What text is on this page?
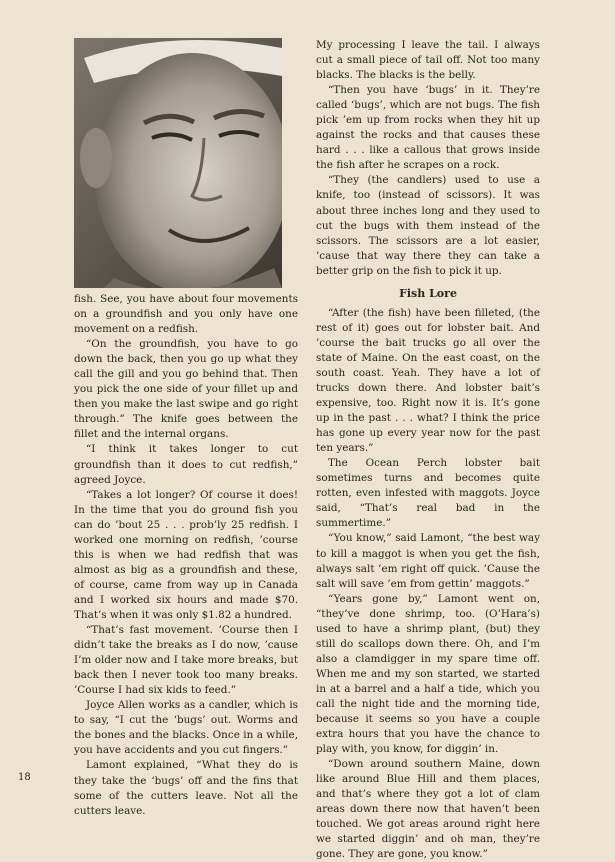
fish. See, you have about four movements on a groundfish and you only have one movement on a redfish.

“On the groundfish, you have to go down the back, then you go up what they call the gill and you go behind that. Then you pick the one side of your fillet up and then you make the last swipe and go right through.” The knife goes between the fillet and the internal organs.

“I think it takes longer to cut groundfish than it does to cut redfish,” agreed Joyce.

“Takes a lot longer? Of course it does! In the time that you do ground fish you can do ’bout 25 . . . prob’ly 25 redfish. I worked one morning on redfish, ’course this is when we had redfish that was almost as big as a groundfish and these, of course, came from way up in Canada and I worked six hours and made $70. That’s when it was only $1.82 a hundred.

“That’s fast movement. ’Course then I didn’t take the breaks as I do now, ’cause I’m older now and I take more breaks, but back then I never took too many breaks. ’Course I had six kids to feed.”

Joyce Allen works as a candler, which is to say, “I cut the ‘bugs’ out. Worms and the bones and the blacks. Once in a while, you have accidents and you cut fingers.”

Lamont explained, “What they do is they take the ‘bugs’ off and the fins that some of the cutters leave. Not all the cutters leave.

My processing I leave the tail. I always cut a small piece of tail off. Not too many blacks. The blacks is the belly.

“Then you have ‘bugs’ in it. They’re called ‘bugs’, which are not bugs. The fish pick ’em up from rocks when they hit up against the rocks and that causes these hard . . . like a callous that grows inside the fish after he scrapes on a rock.

“They (the candlers) used to use a knife, too (instead of scissors). It was about three inches long and they used to cut the bugs with them instead of the scissors. The scissors are a lot easier, ’cause that way there they can take a better grip on the fish to pick it up.

Fish Lore

“After (the fish) have been filleted, (the rest of it) goes out for lobster bait. And ’course the bait trucks go all over the state of Maine. On the east coast, on the south coast. Yeah. They have a lot of trucks down there. And lobster bait’s expensive, too. Right now it is. It’s gone up in the past . . . what? I think the price has gone up every year now for the past ten years.”

The Ocean Perch lobster bait sometimes turns and becomes quite rotten, even infested with maggots. Joyce said, “That’s real bad in the summertime.”

“You know,” said Lamont, “the best way to kill a maggot is when you get the fish, always salt ’em right off quick. ’Cause the salt will save ’em from gettin’ maggots.”

“Years gone by,” Lamont went on, “they’ve done shrimp, too. (O’Hara’s) used to have a shrimp plant, (but) they still do scallops down there. Oh, and I’m also a clamdigger in my spare time off. When me and my son started, we started in at a barrel and a half a tide, which you call the night tide and the morning tide, because it seems so you have a couple extra hours that you have the chance to play with, you know, for diggin’ in.

“Down around southern Maine, down like around Blue Hill and them places, and that’s where they got a lot of clam areas down there now that haven’t been touched. We got areas around right here we started diggin’ and oh man, they’re gone. They are gone, you know.”

18
